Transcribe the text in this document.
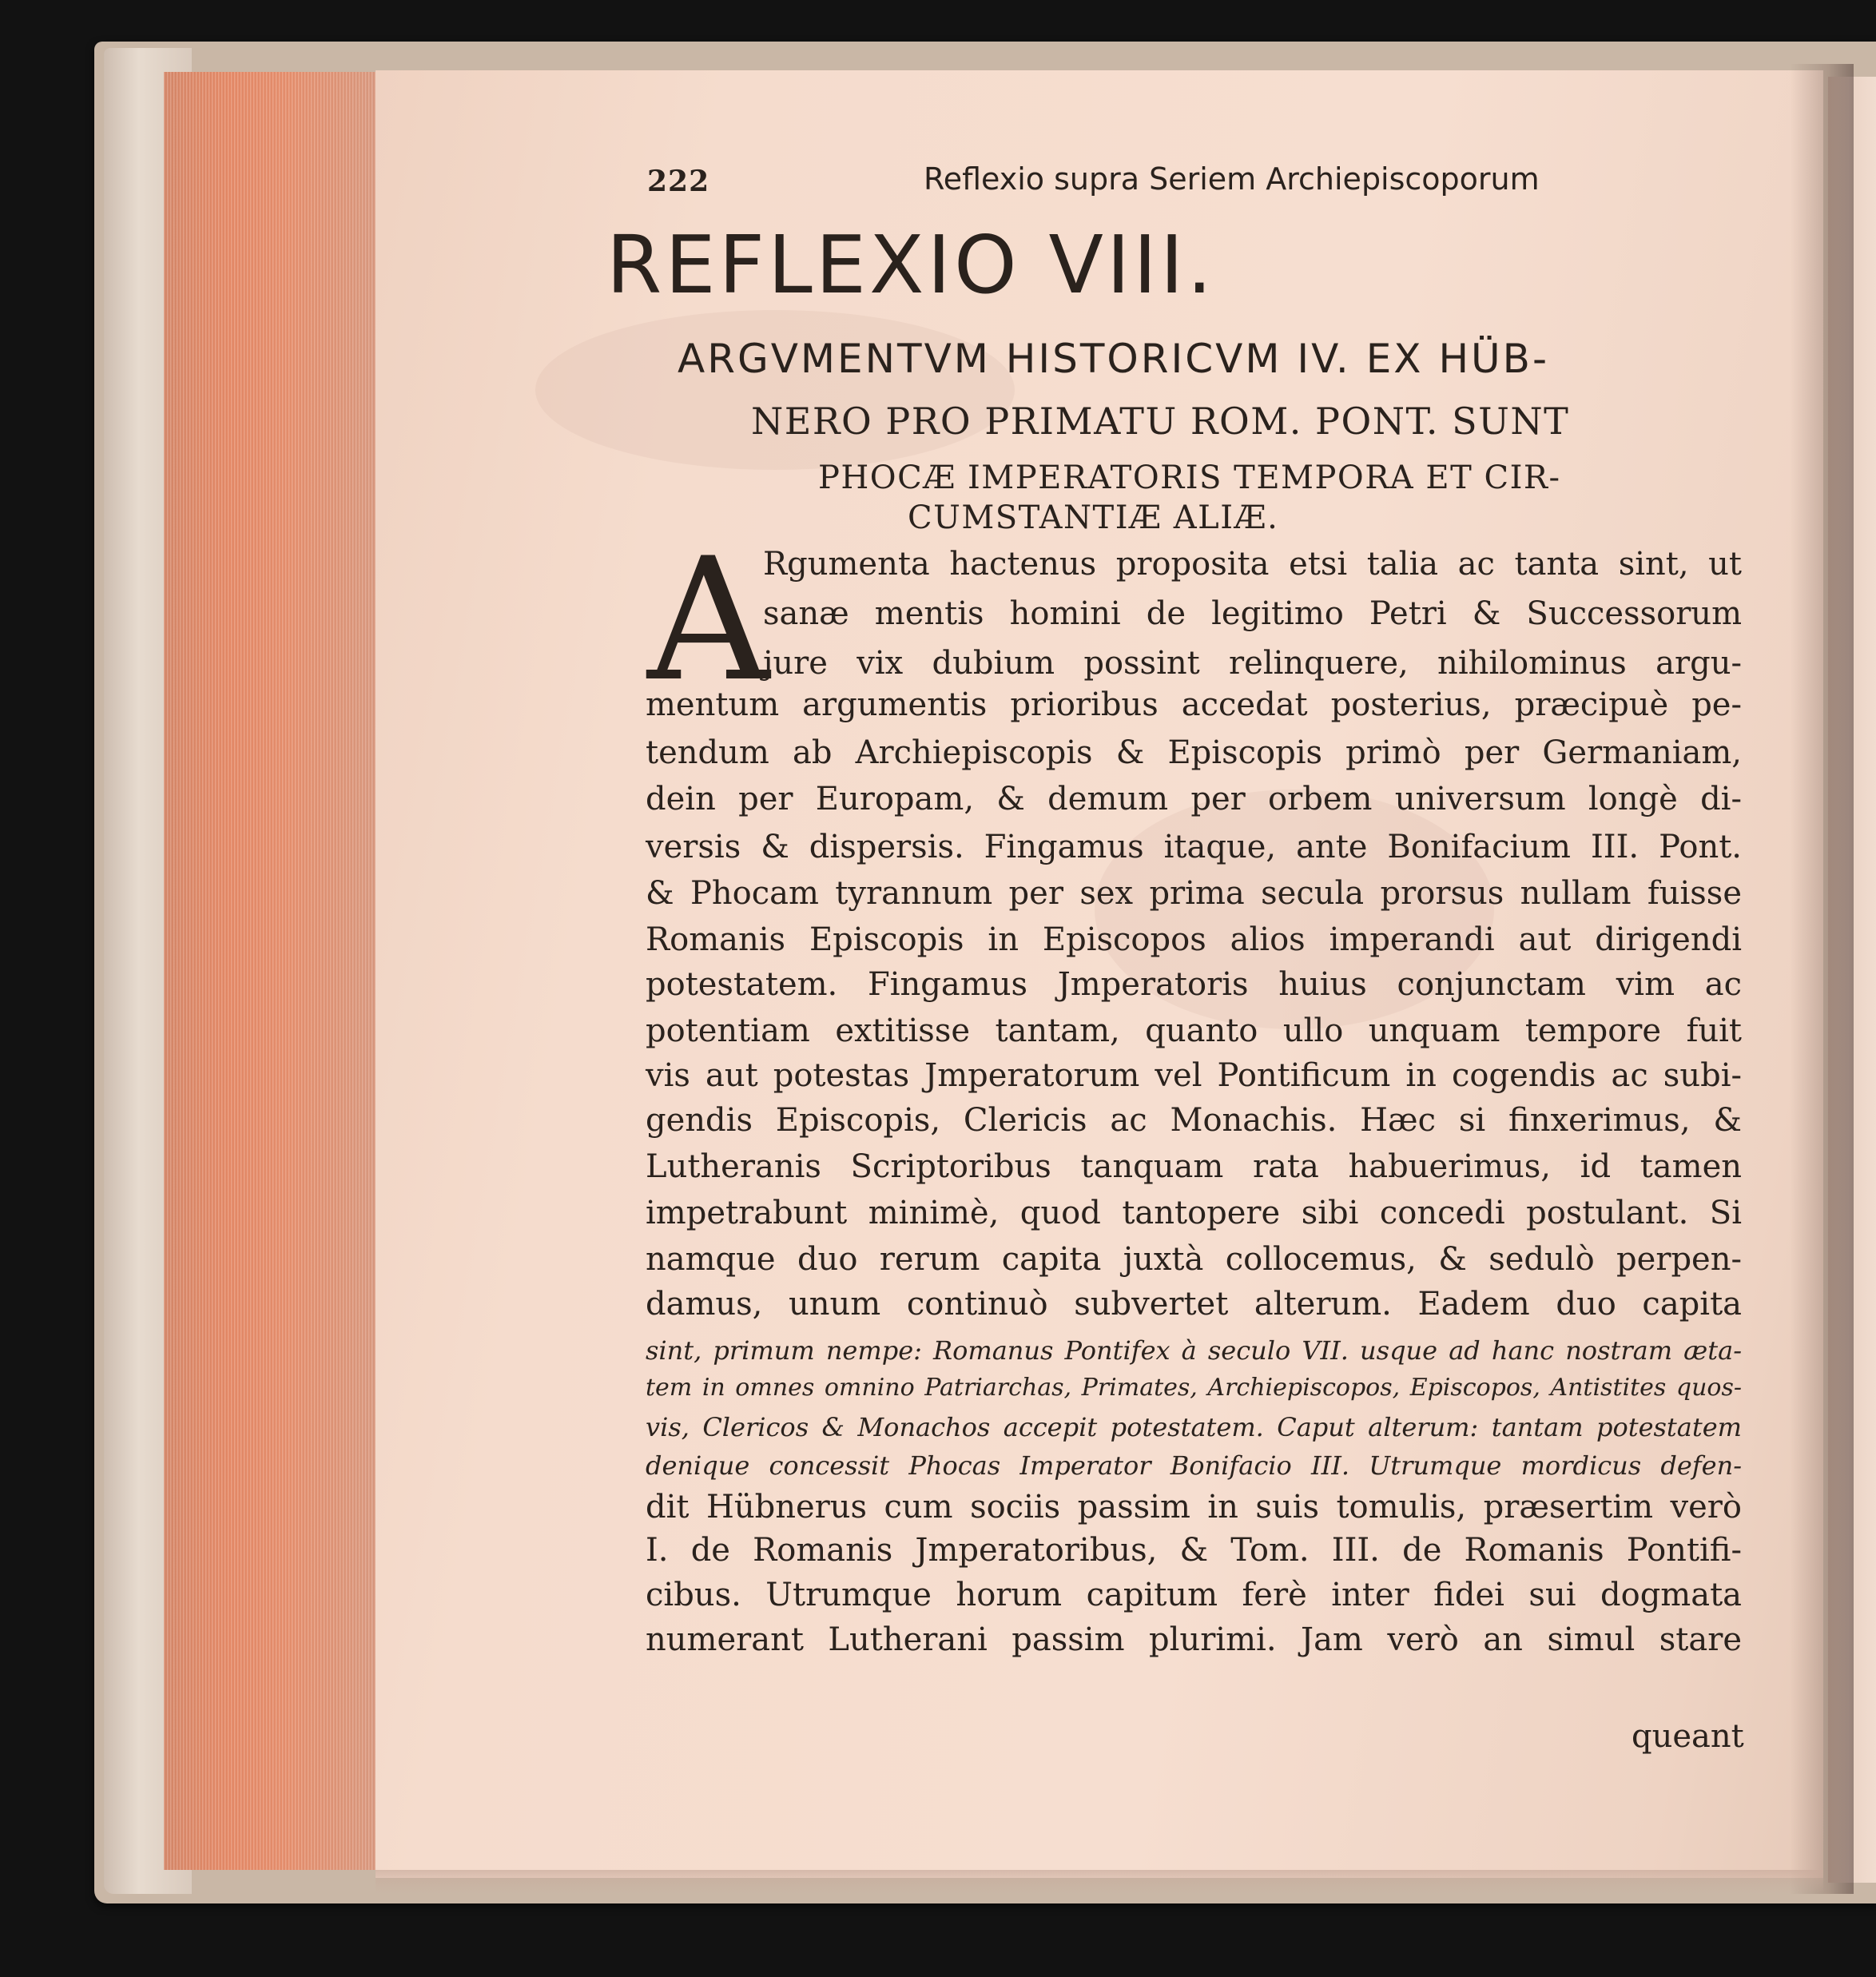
222	Reflexio supra Seriem Archiepiscoporum
REFLEXIO VIII.
ARGVMENTVM HISTORICVM IV. EX HÜB-
NERO PRO PRIMATU ROM. PONT. SUNT
PHOCÆ IMPERATORIS TEMPORA ET CIR-
CUMSTANTIÆ ALIÆ.
A
Rgumenta hactenus proposita etsi talia ac tanta sint, ut
sanæ mentis homini de legitimo Petri & Successorum
jure vix dubium possint relinquere, nihilominus argu-
mentum argumentis prioribus accedat posterius, præcipuè pe-
tendum ab Archiepiscopis & Episcopis primò per Germaniam,
dein per Europam, & demum per orbem universum longè di-
versis & dispersis. Fingamus itaque, ante Bonifacium III. Pont.
& Phocam tyrannum per sex prima secula prorsus nullam fuisse
Romanis Episcopis in Episcopos alios imperandi aut dirigendi
potestatem. Fingamus Jmperatoris huius conjunctam vim ac
potentiam extitisse tantam, quanto ullo unquam tempore fuit
vis aut potestas Jmperatorum vel Pontificum in cogendis ac subi-
gendis Episcopis, Clericis ac Monachis. Hæc si finxerimus, &
Lutheranis Scriptoribus tanquam rata habuerimus, id tamen
impetrabunt minimè, quod tantopere sibi concedi postulant. Si
namque duo rerum capita juxtà collocemus, & sedulò perpen-
damus, unum continuò subvertet alterum. Eadem duo capita
sint, primum nempe: Romanus Pontifex à seculo VII. usque ad hanc nostram æta-
tem in omnes omnino Patriarchas, Primates, Archiepiscopos, Episcopos, Antistites quos-
vis, Clericos & Monachos accepit potestatem. Caput alterum: tantam potestatem
denique concessit Phocas Imperator Bonifacio III. Utrumque mordicus defen-
dit Hübnerus cum sociis passim in suis tomulis, præsertim verò
I. de Romanis Jmperatoribus, & Tom. III. de Romanis Pontifi-
cibus. Utrumque horum capitum ferè inter fidei sui dogmata
numerant Lutherani passim plurimi. Jam verò an simul stare
queant
